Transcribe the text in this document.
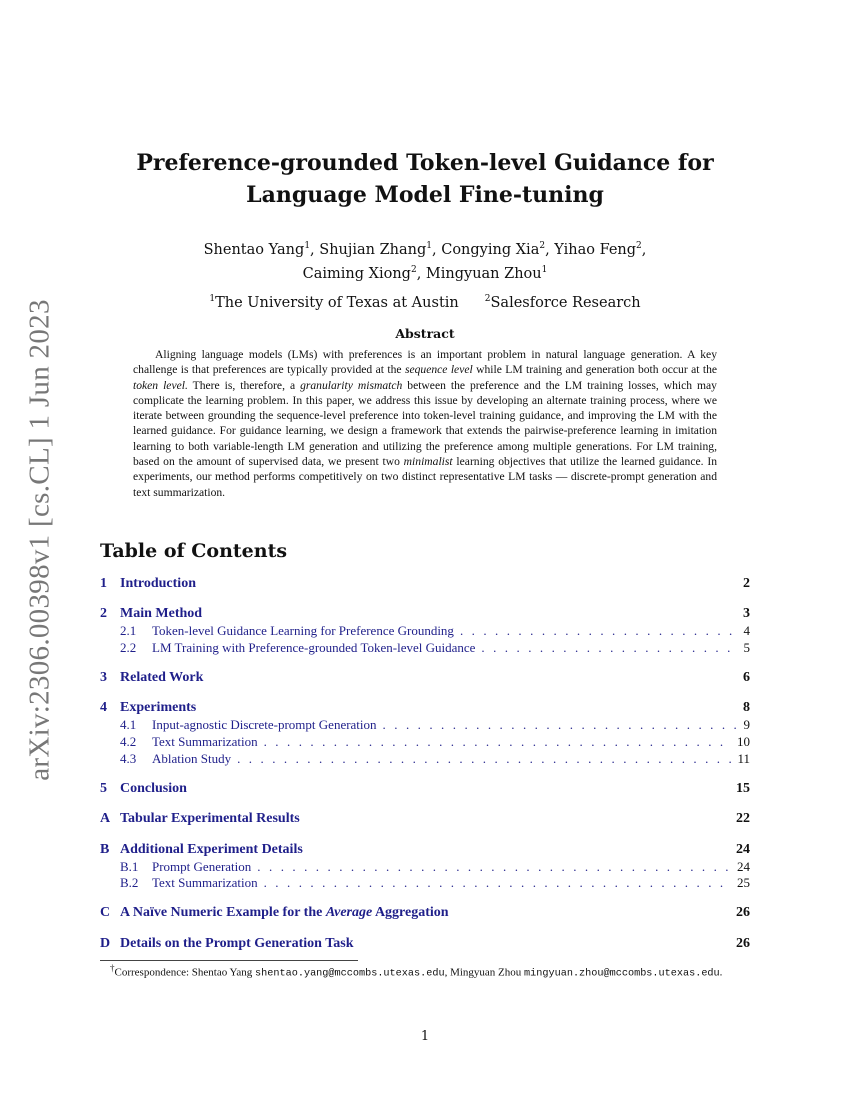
arXiv:2306.00398v1 [cs.CL] 1 Jun 2023
Preference-grounded Token-level Guidance for
Language Model Fine-tuning
Shentao Yang$^1$, Shujian Zhang$^1$, Congying Xia$^2$, Yihao Feng$^2$,
Caiming Xiong$^2$, Mingyuan Zhou$^1$
$^1$The University of Texas at Austin	$^2$Salesforce Research
Abstract
Aligning language models (LMs) with preferences is an important problem in natural language generation. A key challenge is that preferences are typically provided at the sequence level while LM training and generation both occur at the token level. There is, therefore, a granularity mismatch between the preference and the LM training losses, which may complicate the learning problem. In this paper, we address this issue by developing an alternate training process, where we iterate between grounding the sequence-level preference into token-level training guidance, and improving the LM with the learned guidance. For guidance learning, we design a framework that extends the pairwise-preference learning in imitation learning to both variable-length LM generation and utilizing the preference among multiple generations. For LM training, based on the amount of supervised data, we present two minimalist learning objectives that utilize the learned guidance. In experiments, our method performs competitively on two distinct representative LM tasks — discrete-prompt generation and text summarization.
Table of Contents
1 Introduction	2
2 Main Method	3
2.1	Token-level Guidance Learning for Preference Grounding . . .	4
2.2	LM Training with Preference-grounded Token-level Guidance . . .	5
3 Related Work	6
4 Experiments	8
4.1	Input-agnostic Discrete-prompt Generation . . .	9
4.2	Text Summarization . . .	10
4.3	Ablation Study . . .	11
5 Conclusion	15
A Tabular Experimental Results	22
B Additional Experiment Details	24
B.1	Prompt Generation . . .	24
B.2	Text Summarization . . .	25
C A Naïve Numeric Example for the Average Aggregation	26
D Details on the Prompt Generation Task	26
†Correspondence: Shentao Yang shentao.yang@mccombs.utexas.edu, Mingyuan Zhou mingyuan.zhou@mccombs.utexas.edu.
1
